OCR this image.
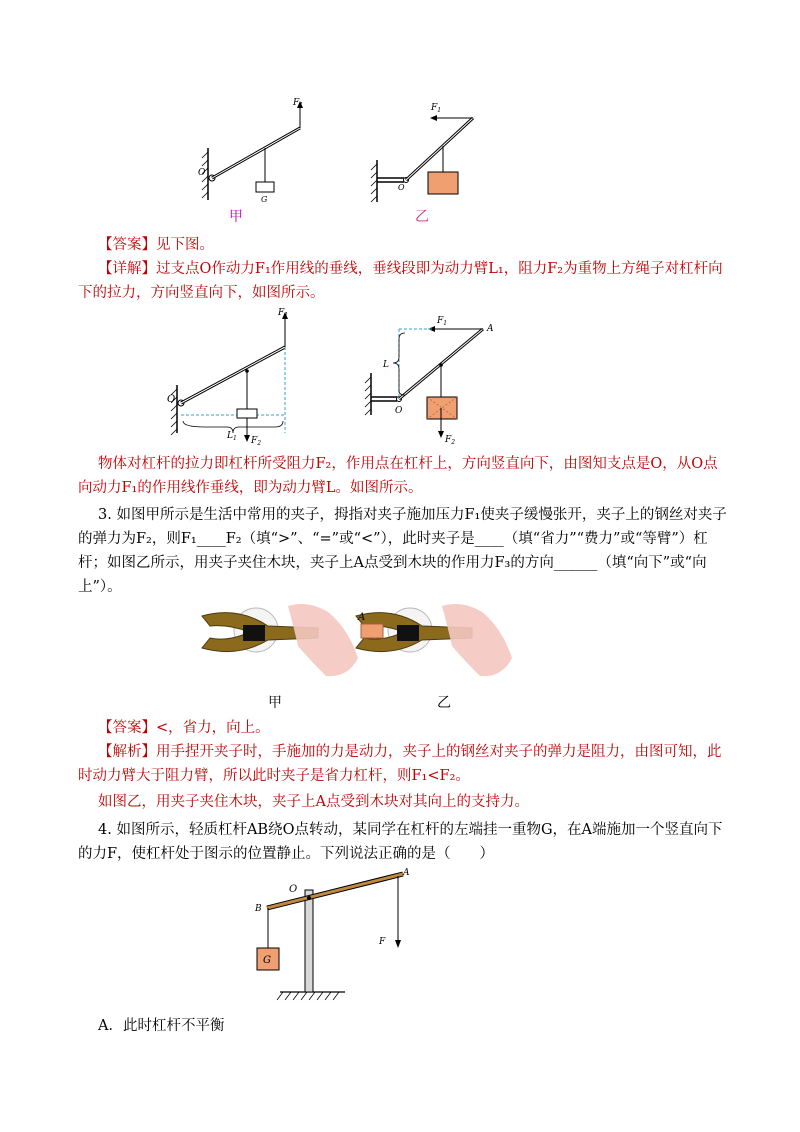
$F_1$
O
G
$F_1$
O
甲	乙
【答案】见下图。
【详解】过支点O作动力F₁作用线的垂线，垂线段即为动力臂L₁，阻力F₂为重物上方绳子对杠杆向下的拉力，方向竖直向下，如图所示。
$F_1$
O
$L_1$ $F_2$
$F_1$
A
L
O
$F_2$
物体对杠杆的拉力即杠杆所受阻力F₂，作用点在杠杆上，方向竖直向下，由图知支点是O，从O点向动力F₁的作用线作垂线，即为动力臂L。如图所示。
3. 如图甲所示是生活中常用的夹子，拇指对夹子施加压力F₁使夹子缓慢张开，夹子上的钢丝对夹子的弹力为F₂，则F₁____F₂（填“>”、“=”或“<”），此时夹子是____（填“省力”“费力”或“等臂”）杠杆；如图乙所示，用夹子夹住木块，夹子上A点受到木块的作用力F₃的方向______（填“向下”或“向上”）。
A
甲	乙
【答案】<，省力，向上。
【解析】用手捏开夹子时，手施加的力是动力，夹子上的钢丝对夹子的弹力是阻力，由图可知，此时动力臂大于阻力臂，所以此时夹子是省力杠杆，则F₁<F₂。
如图乙，用夹子夹住木块，夹子上A点受到木块对其向上的支持力。
4. 如图所示，轻质杠杆AB绕O点转动，某同学在杠杆的左端挂一重物G，在A端施加一个竖直向下的力F，使杠杆处于图示的位置静止。下列说法正确的是（　　）
O
A
B
F
G
A．此时杠杆不平衡
